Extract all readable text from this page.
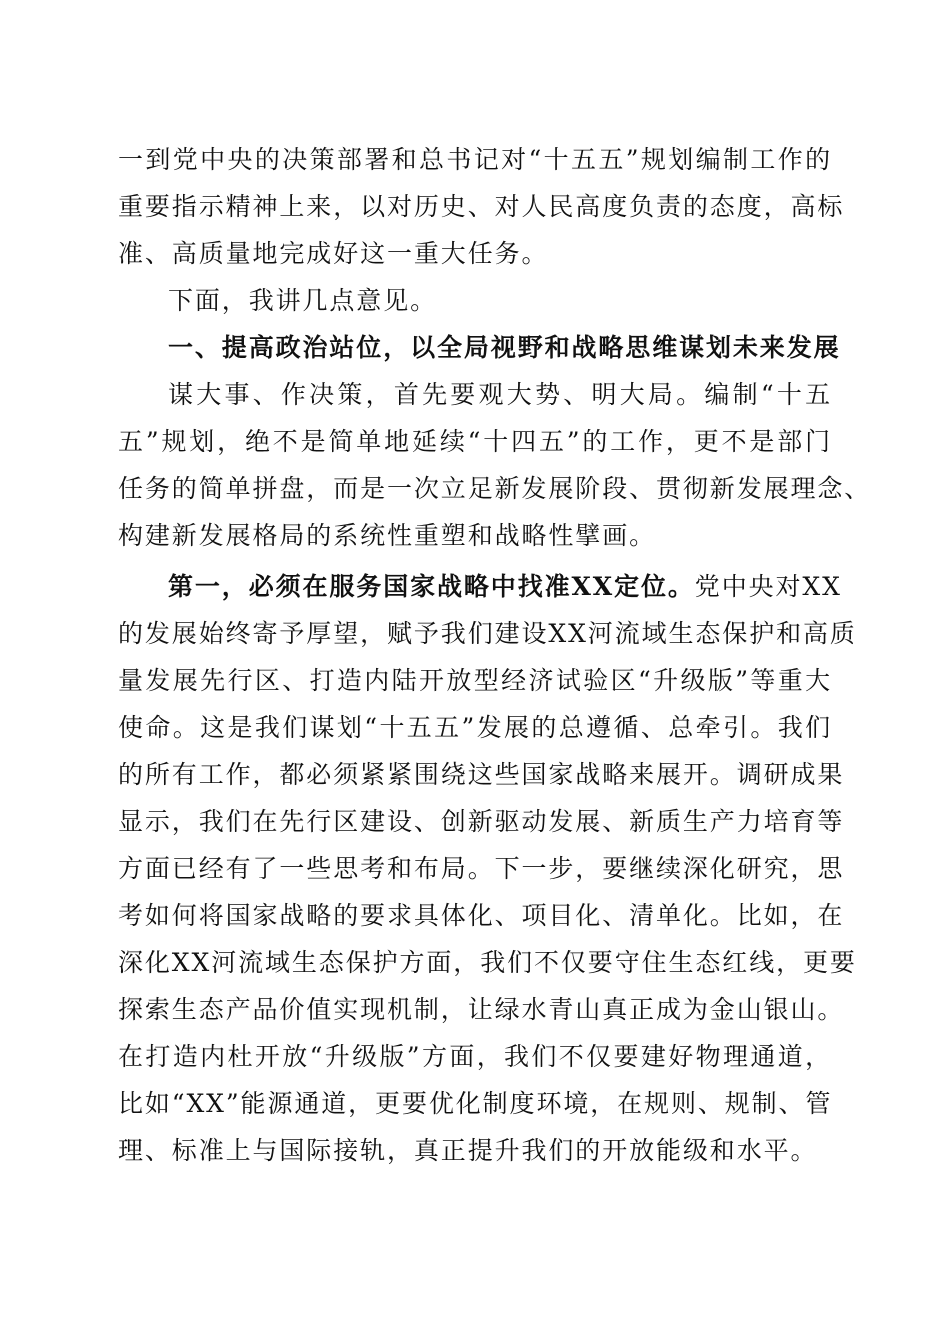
一到党中央的决策部署和总书记对“十五五”规划编制工作的
重要指示精神上来，以对历史、对人民高度负责的态度，高标
准、高质量地完成好这一重大任务。
下面，我讲几点意见。
一、提高政治站位，以全局视野和战略思维谋划未来发展
谋大事、作决策，首先要观大势、明大局。编制“十五
五”规划，绝不是简单地延续“十四五”的工作，更不是部门
任务的简单拼盘，而是一次立足新发展阶段、贯彻新发展理念、
构建新发展格局的系统性重塑和战略性擘画。
第一，必须在服务国家战略中找准XX定位。党中央对XX
的发展始终寄予厚望，赋予我们建设XX河流域生态保护和高质
量发展先行区、打造内陆开放型经济试验区“升级版”等重大
使命。这是我们谋划“十五五”发展的总遵循、总牵引。我们
的所有工作，都必须紧紧围绕这些国家战略来展开。调研成果
显示，我们在先行区建设、创新驱动发展、新质生产力培育等
方面已经有了一些思考和布局。下一步，要继续深化研究，思
考如何将国家战略的要求具体化、项目化、清单化。比如，在
深化XX河流域生态保护方面，我们不仅要守住生态红线，更要
探索生态产品价值实现机制，让绿水青山真正成为金山银山。
在打造内杜开放“升级版”方面，我们不仅要建好物理通道，
比如“XX”能源通道，更要优化制度环境，在规则、规制、管
理、标准上与国际接轨，真正提升我们的开放能级和水平。
